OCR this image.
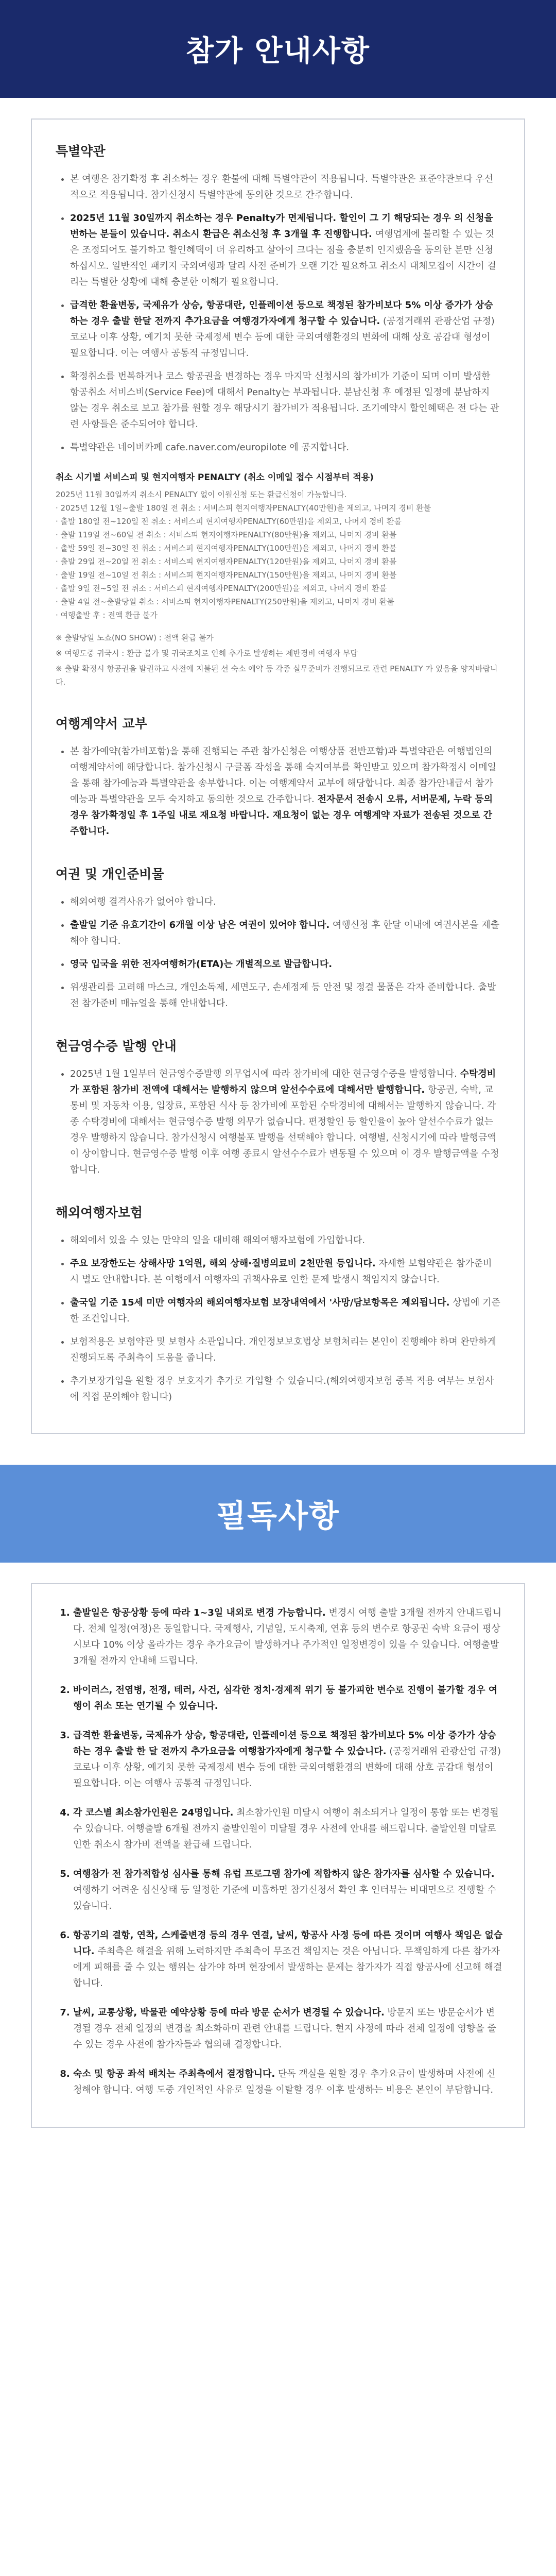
참가 안내사항
특별약관
• 본 여행은 참가확정 후 취소하는 경우 환불에 대해 특별약관이 적용됩니다. 특별약관은 표준약관보다 우선적으로 적용됩니다. 참가신청시 특별약관에 동의한 것으로 간주합니다.
• 2025년 11월 30일까지 취소하는 경우 Penalty가 면제됩니다. 할인이 그 기 해당되는 경우 의 신청을 변하는 분들이 있습니다. 취소시 환급은 취소신청 후 3개월 후 진행합니다. 여행업계에 불리할 수 있는 것은 조정되어도 불가하고 할인혜택이 더 유리하고 살아이 크다는 점을 충분히 인지했음을 동의한 분만 신청하십시오. 일반적인 패키지 국외여행과 달리 사전 준비가 오랜 기간 필요하고 취소시 대체모집이 시간이 걸리는 특별한 상황에 대해 충분한 이해가 필요합니다.
• 급격한 환율변동, 국제유가 상승, 항공대란, 인플레이션 등으로 책정된 참가비보다 5% 이상 증가가 상승하는 경우 출발 한달 전까지 추가요금을 여행경가자에게 청구할 수 있습니다. (공정거래위 관광산업 규정) 코로나 이후 상황, 예기치 못한 국제정세 변수 등에 대한 국외여행환경의 변화에 대해 상호 공감대 형성이 필요합니다. 이는 여행사 공통적 규정입니다.
• 확정취소를 번복하거나 코스 항공권을 변경하는 경우 마지막 신청시의 참가비가 기준이 되며 이미 발생한 항공취소 서비스비(Service Fee)에 대해서 Penalty는 부과됩니다. 분납신청 후 예정된 일정에 분납하지 않는 경우 취소로 보고 참가를 원할 경우 해당시기 참가비가 적용됩니다. 조기예약시 할인혜택은 전 다는 관련 사항들은 준수되어야 합니다.
• 특별약관은 네이버카페 cafe.naver.com/europilote 에 공지합니다.
취소 시기별 서비스피 및 현지여행자 PENALTY (취소 이메일 접수 시점부터 적용)
2025년 11월 30일까지 취소시 PENALTY 없이 이월신청 또는 환급신청이 가능합니다.
· 2025년 12월 1일~출발 180일 전 취소 : 서비스피 현지여행자PENALTY(40만원)을 제외고, 나머지 경비 환불
· 출발 180일 전~120일 전 취소 : 서비스피 현지여행자PENALTY(60만원)을 제외고, 나머지 경비 환불
· 출발 119일 전~60일 전 취소 : 서비스피 현지여행자PENALTY(80만원)을 제외고, 나머지 경비 환불
· 출발 59일 전~30일 전 취소 : 서비스피 현지여행자PENALTY(100만원)을 제외고, 나머지 경비 환불
· 출발 29일 전~20일 전 취소 : 서비스피 현지여행자PENALTY(120만원)을 제외고, 나머지 경비 환불
· 출발 19일 전~10일 전 취소 : 서비스피 현지여행자PENALTY(150만원)을 제외고, 나머지 경비 환불
· 출발 9일 전~5일 전 취소 : 서비스피 현지여행자PENALTY(200만원)을 제외고, 나머지 경비 환불
· 출발 4일 전~출발당일 취소 : 서비스피 현지여행자PENALTY(250만원)을 제외고, 나머지 경비 환불
· 여행출발 후 : 전액 환급 불가

※ 출발당일 노쇼(NO SHOW) : 전액 환급 불가

※ 여행도중 귀국시 : 환급 불가 및 귀국조치로 인해 추가로 발생하는 제반경비 여행자 부담

※ 출발 확정시 항공권을 발권하고 사전에 지불된 선 숙소 예약 등 각종 실무준비가 진행되므로 관련 PENALTY 가 있음을 양지바랍니다.

여행계약서 교부
• 본 참가예약(참가비포함)을 통해 진행되는 주관 참가신청은 여행상품 전반포함)과 특별약관은 여행법인의 여행계약서에 해당합니다. 참가신청시 구글폼 작성을 통해 숙지여부를 확인받고 있으며 참가확정시 이메일을 통해 참가예능과 특별약관을 송부합니다. 이는 여행계약서 교부에 해당합니다. 최종 참가안내급서 참가예능과 특별약관을 모두 숙지하고 동의한 것으로 간주합니다. 전자문서 전송시 오류, 서버문제, 누락 등의 경우 참가확정일 후 1주일 내로 재요청 바랍니다. 재요청이 없는 경우 여행계약 자료가 전송된 것으로 간주합니다.
여권 및 개인준비물
• 해외여행 결격사유가 없어야 합니다.
• 출발일 기준 유효기간이 6개월 이상 남은 여권이 있어야 합니다. 여행신청 후 한달 이내에 여권사본을 제출해야 합니다.
• 영국 입국을 위한 전자여행허가(ETA)는 개별적으로 발급합니다.
• 위생관리를 고려해 마스크, 개인소독제, 세면도구, 손세정제 등 안전 및 정결 물품은 각자 준비합니다. 출발 전 참가준비 매뉴얼을 통해 안내합니다.
현금영수증 발행 안내
• 2025년 1월 1일부터 현금영수증발행 의무업시에 따라 참가비에 대한 현금영수증을 발행합니다. 수탁경비가 포함된 참가비 전액에 대해서는 발행하지 않으며 알선수수료에 대해서만 발행합니다. 항공권, 숙박, 교통비 및 자동차 이용, 입장료, 포함된 식사 등 참가비에 포함된 수탁경비에 대해서는 발행하지 않습니다. 각종 수탁경비에 대해서는 현금영수증 발행 의무가 없습니다. 편정할인 등 할인율이 높아 알선수수료가 없는 경우 발행하지 않습니다. 참가신청시 여행불포 발행을 선택해야 합니다. 여행별, 신청시기에 따라 발행금액이 상이합니다. 현금영수증 발행 이후 여행 종료시 알선수수료가 변동될 수 있으며 이 경우 발행금액을 수정합니다.
해외여행자보험
• 해외에서 있을 수 있는 만약의 일을 대비해 해외여행자보험에 가입합니다.
• 주요 보장한도는 상해사망 1억원, 해외 상해·질병의료비 2천만원 등입니다. 자세한 보험약관은 참가준비 시 별도 안내합니다. 본 여행에서 여행자의 귀책사유로 인한 문제 발생시 책임지지 않습니다.
• 출국일 기준 15세 미만 여행자의 해외여행자보험 보장내역에서 '사망/담보항목은 제외됩니다. 상법에 기준한 조건입니다.
• 보험적용은 보험약관 및 보험사 소관입니다. 개인정보보호법상 보험처리는 본인이 진행해야 하며 완만하게 진행되도록 주최측이 도움을 줍니다.
• 추가보장가입을 원할 경우 보호자가 추가로 가입할 수 있습니다.(해외여행자보험 중복 적용 여부는 보험사에 직접 문의해야 합니다)
필독사항
1. 출발일은 항공상황 등에 따라 1~3일 내외로 변경 가능합니다. 변경시 여행 출발 3개월 전까지 안내드립니다. 전체 일정(여정)은 동일합니다. 국제행사, 기념일, 도시축제, 연휴 등의 변수로 항공권 숙박 요금이 평상시보다 10% 이상 올라가는 경우 추가요금이 발생하거나 주가적인 일정변경이 있을 수 있습니다. 여행출발 3개월 전까지 안내해 드립니다.
2. 바이러스, 전염병, 전쟁, 테러, 사건, 심각한 정치·경제적 위기 등 불가피한 변수로 진행이 불가할 경우 여행이 취소 또는 연기될 수 있습니다.
3. 급격한 환율변동, 국제유가 상승, 항공대란, 인플레이션 등으로 책정된 참가비보다 5% 이상 증가가 상승하는 경우 출발 한 달 전까지 추가요금을 여행참가자에게 청구할 수 있습니다. (공정거래위 관광산업 규정) 코로나 이후 상황, 예기치 못한 국제정세 변수 등에 대한 국외여행환경의 변화에 대해 상호 공감대 형성이 필요합니다. 이는 여행사 공통적 규정입니다.
4. 각 코스별 최소참가인원은 24명입니다. 최소참가인원 미달시 여행이 취소되거나 일정이 통합 또는 변경될 수 있습니다. 여행출발 6개월 전까지 출발인원이 미달될 경우 사전에 안내를 해드립니다. 출발인원 미달로 인한 취소시 참가비 전액을 환급해 드립니다.
5. 여행참가 전 참가적합성 심사를 통해 유럽 프로그램 참가에 적합하지 않은 참가자를 심사할 수 있습니다. 여행하기 어려운 심신상태 등 일정한 기준에 미흡하면 참가신청서 확인 후 인터뷰는 비대면으로 진행할 수 있습니다.
6. 항공기의 결항, 연착, 스케줄변경 등의 경우 연결, 날씨, 항공사 사정 등에 따른 것이며 여행사 책임은 없습니다. 주최측은 해결을 위해 노력하지만 주최측이 무조건 책임지는 것은 아닙니다. 무책임하게 다른 참가자에게 피해를 줄 수 있는 행위는 삼가야 하며 현장에서 발생하는 문제는 참가자가 직접 항공사에 신고해 해결합니다.
7. 날씨, 교통상황, 박물관 예약상황 등에 따라 방문 순서가 변경될 수 있습니다. 방문지 또는 방문순서가 변경될 경우 전체 일정의 변경을 최소화하며 관련 안내를 드립니다. 현지 사정에 따라 전체 일정에 영향을 줄 수 있는 경우 사전에 참가자들과 협의해 결정합니다.
8. 숙소 및 항공 좌석 배치는 주최측에서 결정합니다. 단독 객실을 원할 경우 추가요금이 발생하며 사전에 신청해야 합니다. 여행 도중 개인적인 사유로 일정을 이탈할 경우 이후 발생하는 비용은 본인이 부담합니다.
